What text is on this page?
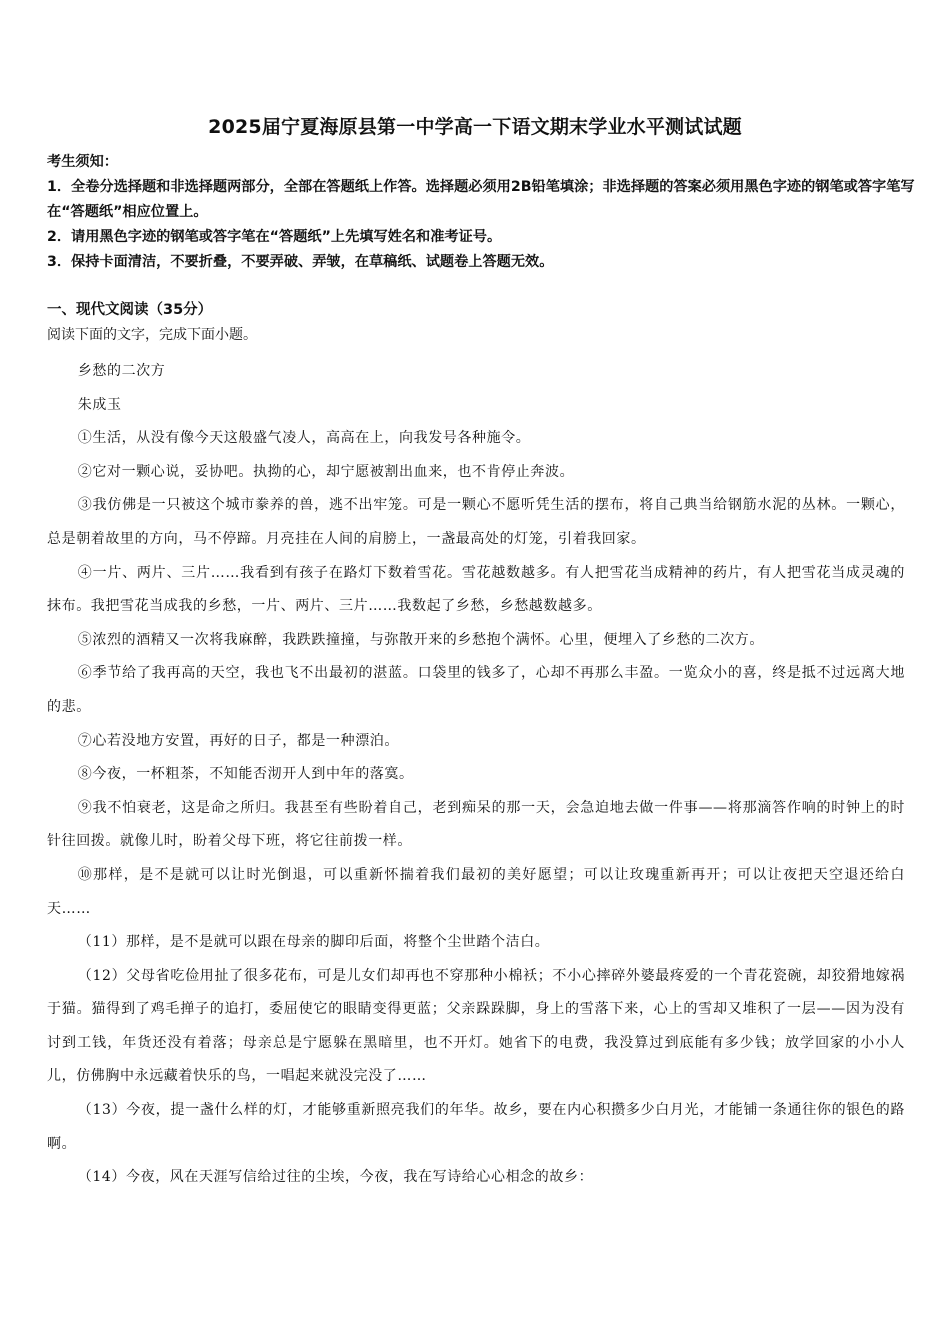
2025届宁夏海原县第一中学高一下语文期末学业水平测试试题
考生须知：

1．全卷分选择题和非选择题两部分，全部在答题纸上作答。选择题必须用2B铅笔填涂；非选择题的答案必须用黑色字迹的钢笔或答字笔写在“答题纸”相应位置上。

2．请用黑色字迹的钢笔或答字笔在“答题纸”上先填写姓名和准考证号。

3．保持卡面清洁，不要折叠，不要弄破、弄皱，在草稿纸、试题卷上答题无效。

一、现代文阅读（35分）
阅读下面的文字，完成下面小题。

乡愁的二次方

朱成玉

①生活，从没有像今天这般盛气凌人，高高在上，向我发号各种施令。

②它对一颗心说，妥协吧。执拗的心，却宁愿被割出血来，也不肯停止奔波。

③我仿佛是一只被这个城市豢养的兽，逃不出牢笼。可是一颗心不愿听凭生活的摆布，将自己典当给钢筋水泥的丛林。一颗心，总是朝着故里的方向，马不停蹄。月亮挂在人间的肩膀上，一盏最高处的灯笼，引着我回家。

④一片、两片、三片……我看到有孩子在路灯下数着雪花。雪花越数越多。有人把雪花当成精神的药片，有人把雪花当成灵魂的抹布。我把雪花当成我的乡愁，一片、两片、三片……我数起了乡愁，乡愁越数越多。

⑤浓烈的酒精又一次将我麻醉，我跌跌撞撞，与弥散开来的乡愁抱个满怀。心里，便埋入了乡愁的二次方。

⑥季节给了我再高的天空，我也飞不出最初的湛蓝。口袋里的钱多了，心却不再那么丰盈。一览众小的喜，终是抵不过远离大地的悲。

⑦心若没地方安置，再好的日子，都是一种漂泊。

⑧今夜，一杯粗茶，不知能否沏开人到中年的落寞。

⑨我不怕衰老，这是命之所归。我甚至有些盼着自己，老到痴呆的那一天，会急迫地去做一件事——将那滴答作响的时钟上的时针往回拨。就像儿时，盼着父母下班，将它往前拨一样。

⑩那样，是不是就可以让时光倒退，可以重新怀揣着我们最初的美好愿望；可以让玫瑰重新再开；可以让夜把天空退还给白天……

（11）那样，是不是就可以跟在母亲的脚印后面，将整个尘世踏个洁白。

（12）父母省吃俭用扯了很多花布，可是儿女们却再也不穿那种小棉袄；不小心摔碎外婆最疼爱的一个青花瓷碗，却狡猾地嫁祸于猫。猫得到了鸡毛掸子的追打，委屈使它的眼睛变得更蓝；父亲跺跺脚，身上的雪落下来，心上的雪却又堆积了一层——因为没有讨到工钱，年货还没有着落；母亲总是宁愿躲在黑暗里，也不开灯。她省下的电费，我没算过到底能有多少钱；放学回家的小小人儿，仿佛胸中永远藏着快乐的鸟，一唱起来就没完没了……

（13）今夜，提一盏什么样的灯，才能够重新照亮我们的年华。故乡，要在内心积攒多少白月光，才能铺一条通往你的银色的路啊。

（14）今夜，风在天涯写信给过往的尘埃，今夜，我在写诗给心心相念的故乡：
